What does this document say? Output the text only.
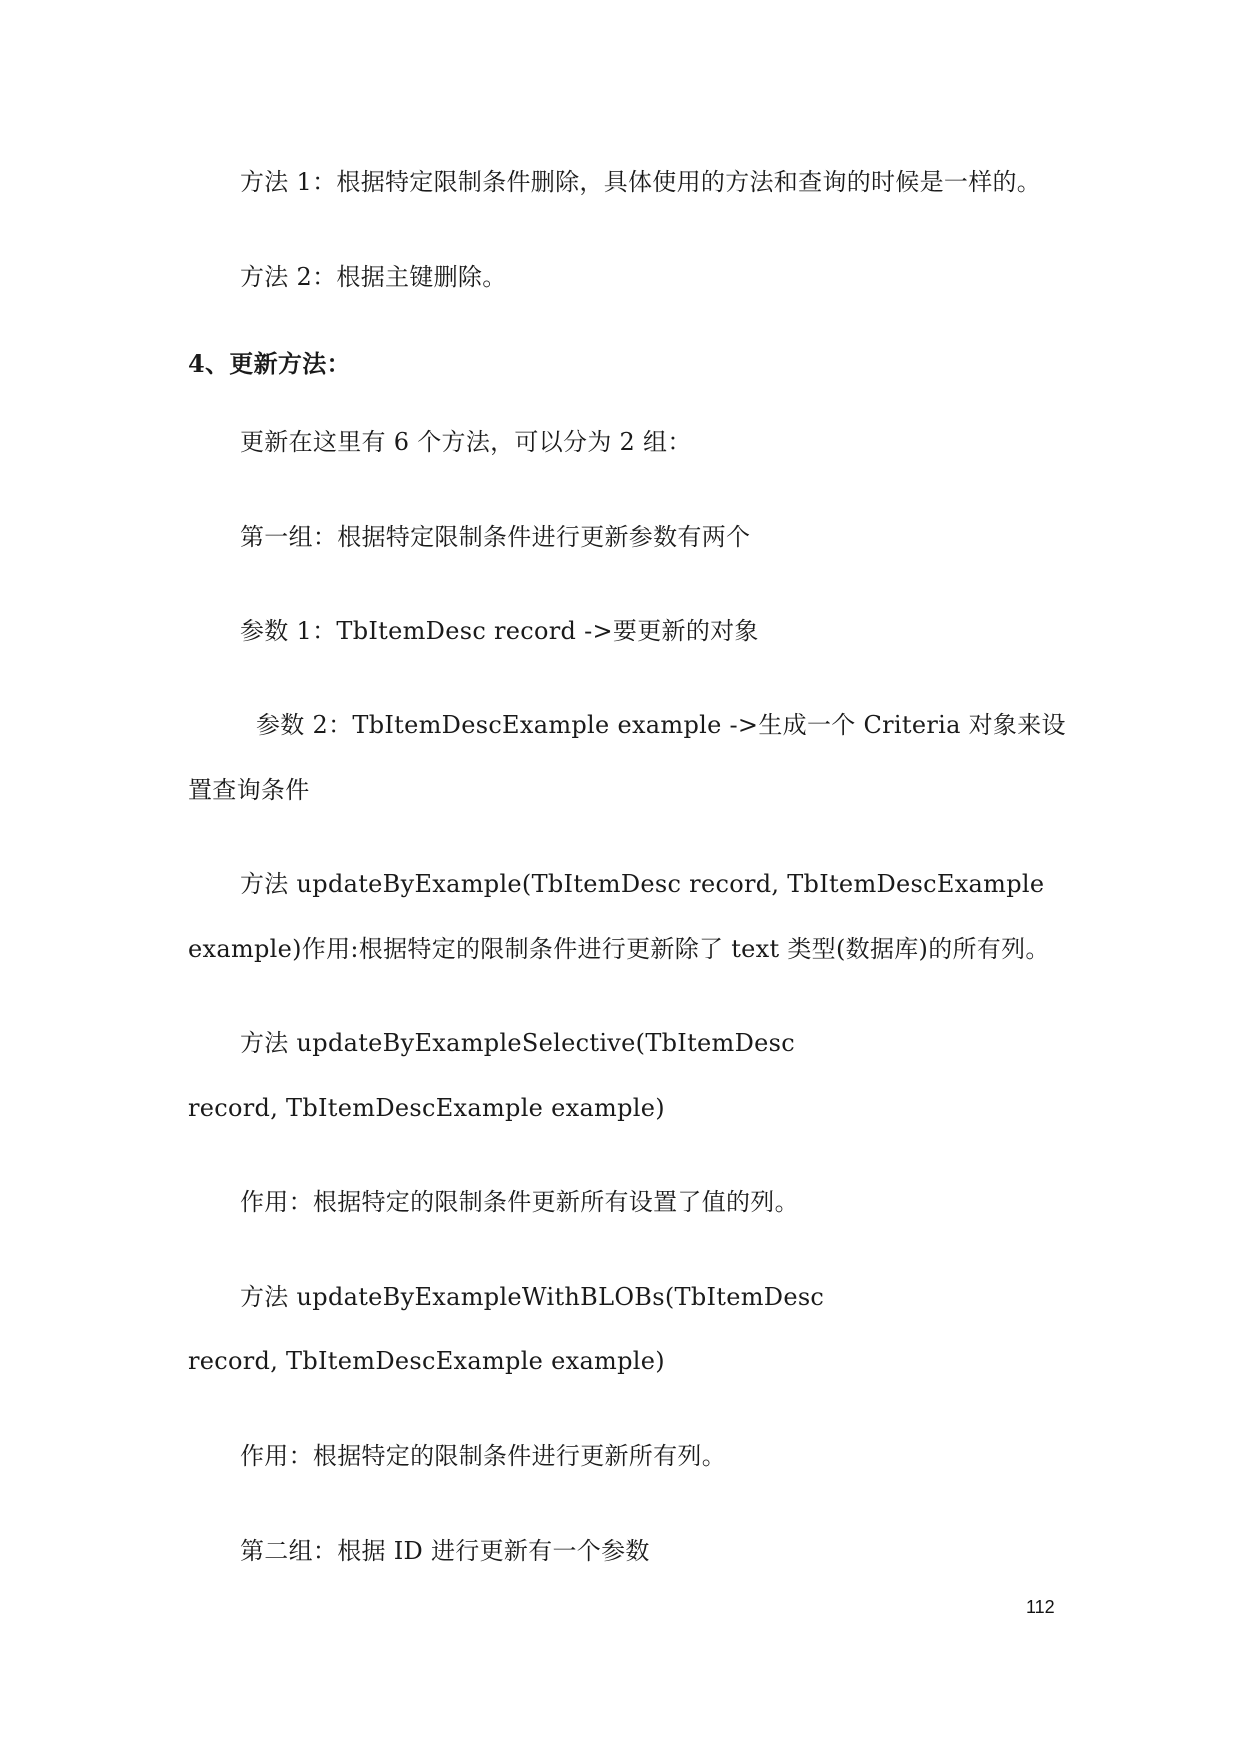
方法 1：根据特定限制条件删除，具体使用的方法和查询的时候是一样的。
方法 2：根据主键删除。
4、更新方法：
更新在这里有 6 个方法，可以分为 2 组：
第一组：根据特定限制条件进行更新参数有两个
参数 1：TbItemDesc record ->要更新的对象
参数 2：TbItemDescExample example ->生成一个 Criteria 对象来设
置查询条件
方法 updateByExample(TbItemDesc record, TbItemDescExample
example)作用:根据特定的限制条件进行更新除了 text 类型(数据库)的所有列。
方法 updateByExampleSelective(TbItemDesc
record, TbItemDescExample example)
作用：根据特定的限制条件更新所有设置了值的列。
方法 updateByExampleWithBLOBs(TbItemDesc
record, TbItemDescExample example)
作用：根据特定的限制条件进行更新所有列。
第二组：根据 ID 进行更新有一个参数
112
